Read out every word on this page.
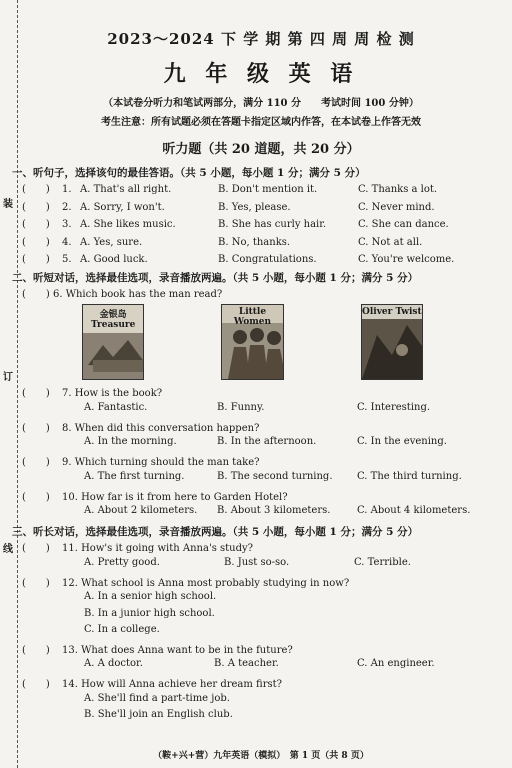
装
订
线
2023～2024 下 学 期 第 四 周 周 检 测
九 年 级 英 语
（本试卷分听力和笔试两部分，满分 110 分　　考试时间 100 分钟）
考生注意：所有试题必须在答题卡指定区域内作答，在本试卷上作答无效
听力题（共 20 道题，共 20 分）
一、听句子，选择该句的最佳答语。（共 5 小题，每小题 1 分；满分 5 分）
(　　)	1. A. That's all right.	B. Don't mention it.	C. Thanks a lot.
(　　)	2. A. Sorry, I won't.	B. Yes, please.	C. Never mind.
(　　)	3. A. She likes music.	B. She has curly hair.	C. She can dance.
(　　)	4. A. Yes, sure.	B. No, thanks.	C. Not at all.
(　　)	5. A. Good luck.	B. Congratulations.	C. You're welcome.
二、听短对话，选择最佳选项，录音播放两遍。（共 5 小题，每小题 1 分；满分 5 分）
(　　) 6. Which book has the man read?
金银岛 Treasure
Little Women
Oliver Twist
(　　)	7. How is the book?
A. Fantastic.	B. Funny.	C. Interesting.
(　　)	8. When did this conversation happen?
A. In the morning.	B. In the afternoon.	C. In the evening.
(　　)	9. Which turning should the man take?
A. The first turning.	B. The second turning.	C. The third turning.
(　　)	10. How far is it from here to Garden Hotel?
A. About 2 kilometers.	B. About 3 kilometers.	C. About 4 kilometers.
三、听长对话，选择最佳选项，录音播放两遍。（共 5 小题，每小题 1 分；满分 5 分）
(　　)	11. How's it going with Anna's study?
A. Pretty good.	B. Just so-so.	C. Terrible.
(　　)	12. What school is Anna most probably studying in now?
A. In a senior high school.
B. In a junior high school.
C. In a college.
(　　)	13. What does Anna want to be in the future?
A. A doctor.	B. A teacher.	C. An engineer.
(　　)	14. How will Anna achieve her dream first?
A. She'll find a part-time job.
B. She'll join an English club.
（鞍+兴+营）九年英语（模拟）　第 1 页（共 8 页）
